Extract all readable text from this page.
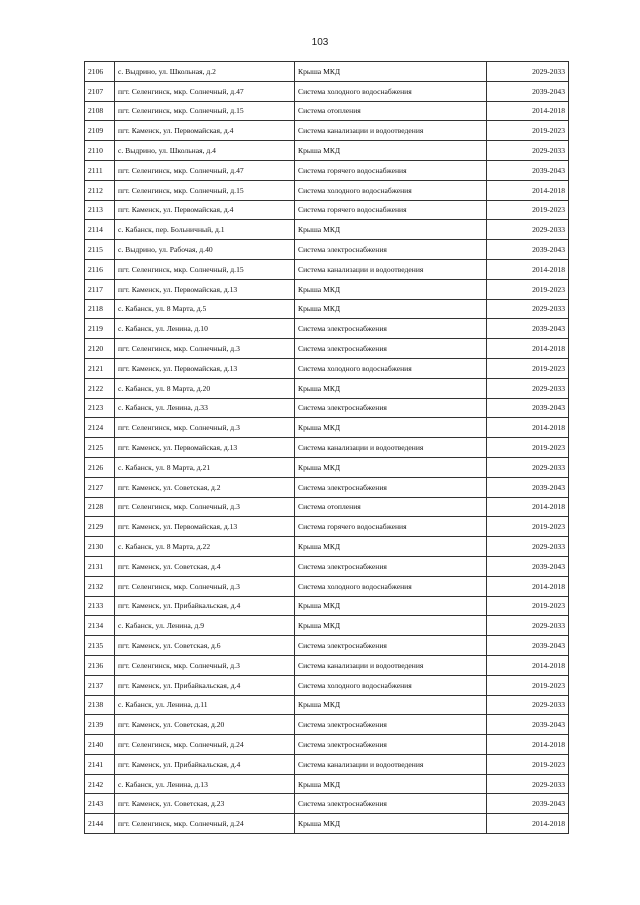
103
2106	с. Выдрино, ул. Школьная, д.2	Крыша МКД	2029-2033
2107	пгт. Селенгинск, мкр. Солнечный, д.47	Система холодного водоснабжения	2039-2043
2108	пгт. Селенгинск, мкр. Солнечный, д.15	Система отопления	2014-2018
2109	пгт. Каменск, ул. Первомайская, д.4	Система канализации и водоотведения	2019-2023
2110	с. Выдрино, ул. Школьная, д.4	Крыша МКД	2029-2033
2111	пгт. Селенгинск, мкр. Солнечный, д.47	Система горячего водоснабжения	2039-2043
2112	пгт. Селенгинск, мкр. Солнечный, д.15	Система холодного водоснабжения	2014-2018
2113	пгт. Каменск, ул. Первомайская, д.4	Система горячего водоснабжения	2019-2023
2114	с. Кабанск, пер. Больничный, д.1	Крыша МКД	2029-2033
2115	с. Выдрино, ул. Рабочая, д.40	Система электроснабжения	2039-2043
2116	пгт. Селенгинск, мкр. Солнечный, д.15	Система канализации и водоотведения	2014-2018
2117	пгт. Каменск, ул. Первомайская, д.13	Крыша МКД	2019-2023
2118	с. Кабанск, ул. 8 Марта, д.5	Крыша МКД	2029-2033
2119	с. Кабанск, ул. Ленина, д.10	Система электроснабжения	2039-2043
2120	пгт. Селенгинск, мкр. Солнечный, д.3	Система электроснабжения	2014-2018
2121	пгт. Каменск, ул. Первомайская, д.13	Система холодного водоснабжения	2019-2023
2122	с. Кабанск, ул. 8 Марта, д.20	Крыша МКД	2029-2033
2123	с. Кабанск, ул. Ленина, д.33	Система электроснабжения	2039-2043
2124	пгт. Селенгинск, мкр. Солнечный, д.3	Крыша МКД	2014-2018
2125	пгт. Каменск, ул. Первомайская, д.13	Система канализации и водоотведения	2019-2023
2126	с. Кабанск, ул. 8 Марта, д.21	Крыша МКД	2029-2033
2127	пгт. Каменск, ул. Советская, д.2	Система электроснабжения	2039-2043
2128	пгт. Селенгинск, мкр. Солнечный, д.3	Система отопления	2014-2018
2129	пгт. Каменск, ул. Первомайская, д.13	Система горячего водоснабжения	2019-2023
2130	с. Кабанск, ул. 8 Марта, д.22	Крыша МКД	2029-2033
2131	пгт. Каменск, ул. Советская, д.4	Система электроснабжения	2039-2043
2132	пгт. Селенгинск, мкр. Солнечный, д.3	Система холодного водоснабжения	2014-2018
2133	пгт. Каменск, ул. Прибайкальская, д.4	Крыша МКД	2019-2023
2134	с. Кабанск, ул. Ленина, д.9	Крыша МКД	2029-2033
2135	пгт. Каменск, ул. Советская, д.6	Система электроснабжения	2039-2043
2136	пгт. Селенгинск, мкр. Солнечный, д.3	Система канализации и водоотведения	2014-2018
2137	пгт. Каменск, ул. Прибайкальская, д.4	Система холодного водоснабжения	2019-2023
2138	с. Кабанск, ул. Ленина, д.11	Крыша МКД	2029-2033
2139	пгт. Каменск, ул. Советская, д.20	Система электроснабжения	2039-2043
2140	пгт. Селенгинск, мкр. Солнечный, д.24	Система электроснабжения	2014-2018
2141	пгт. Каменск, ул. Прибайкальская, д.4	Система канализации и водоотведения	2019-2023
2142	с. Кабанск, ул. Ленина, д.13	Крыша МКД	2029-2033
2143	пгт. Каменск, ул. Советская, д.23	Система электроснабжения	2039-2043
2144	пгт. Селенгинск, мкр. Солнечный, д.24	Крыша МКД	2014-2018
